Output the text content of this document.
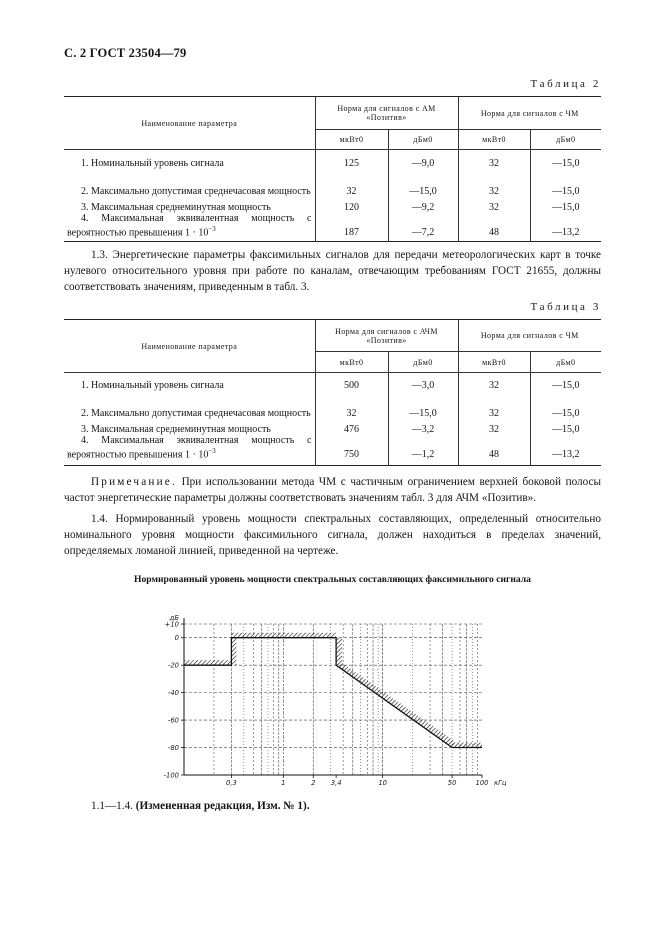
С. 2 ГОСТ 23504—79
Таблица 2
Наименование параметра	Норма для сигналов с АМ «Позитив»		Норма для сигналов с ЧМ	
	мкВт0	дБм0	мкВт0	дБм0
1. Номинальный уровень сигнала	125	—9,0	32	—15,0
2. Максимально допустимая среднечасовая мощность	32	—15,0	32	—15,0
3. Максимальная среднеминутная мощность	120	—9,2	32	—15,0
4. Максимальная эквивалентная мощность с вероятностью превышения $1 \cdot 10^{-3}$	187	—7,2	48	—13,2
1.3. Энергетические параметры факсимильных сигналов для передачи метеорологических карт в точке нулевого относительного уровня при работе по каналам, отвечающим требованиям ГОСТ 21655, должны соответствовать значениям, приведенным в табл. 3.
Таблица 3
Наименование параметра	Норма для сигналов с АЧМ «Позитив»		Норма для сигналов с ЧМ	
	мкВт0	дБм0	мкВт0	дБм0
1. Номинальный уровень сигнала	500	—3,0	32	—15,0
2. Максимально допустимая среднечасовая мощность	32	—15,0	32	—15,0
3. Максимальная среднеминутная мощность	476	—3,2	32	—15,0
4. Максимальная эквивалентная мощность с вероятностью превышения $1 \cdot 10^{-3}$	750	—1,2	48	—13,2
Примечание. При использовании метода ЧМ с частичным ограничением верхней боковой полосы частот энергетические параметры должны соответствовать значениям табл. 3 для АЧМ «Позитив».
1.4. Нормированный уровень мощности спектральных составляющих, определенный относительно номинального уровня мощности факсимильного сигнала, должен находиться в пределах значений, определяемых ломаной линией, приведенной на чертеже.
Нормированный уровень мощности спектральных составляющих факсимильного сигнала
+10
0
-20
-40
-60
-80
-100
дБ
0,3	1	2 3,4	10	50	100 кГц
1.1—1.4. (Измененная редакция, Изм. № 1).
